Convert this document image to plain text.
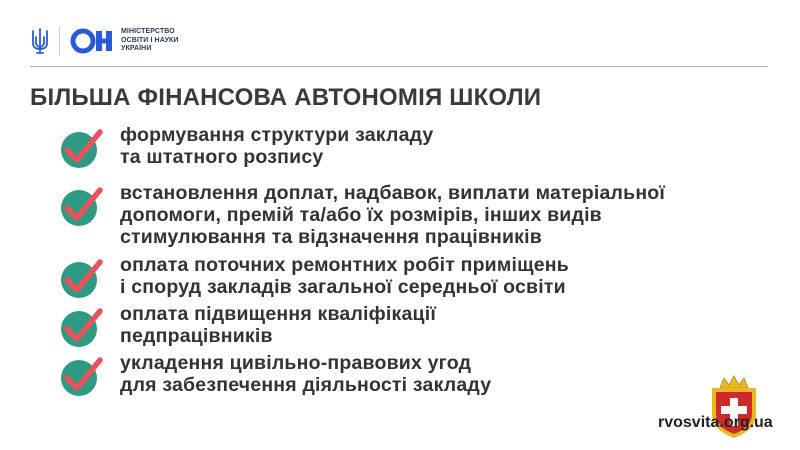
МІНІСТЕРСТВО
ОСВІТИ І НАУКИ
УКРАЇНИ
БІЛЬША ФІНАНСОВА АВТОНОМІЯ ШКОЛИ
формування структури закладу
та штатного розпису
встановлення доплат, надбавок, виплати матеріальної
допомоги, премій та/або їх розмірів, інших видів
стимулювання та відзначення працівників
оплата поточних ремонтних робіт приміщень
і споруд закладів загальної середньої освіти
оплата підвищення кваліфікації
педпрацівників
укладення цивільно-правових угод
для забезпечення діяльності закладу
rvosvita.org.ua
